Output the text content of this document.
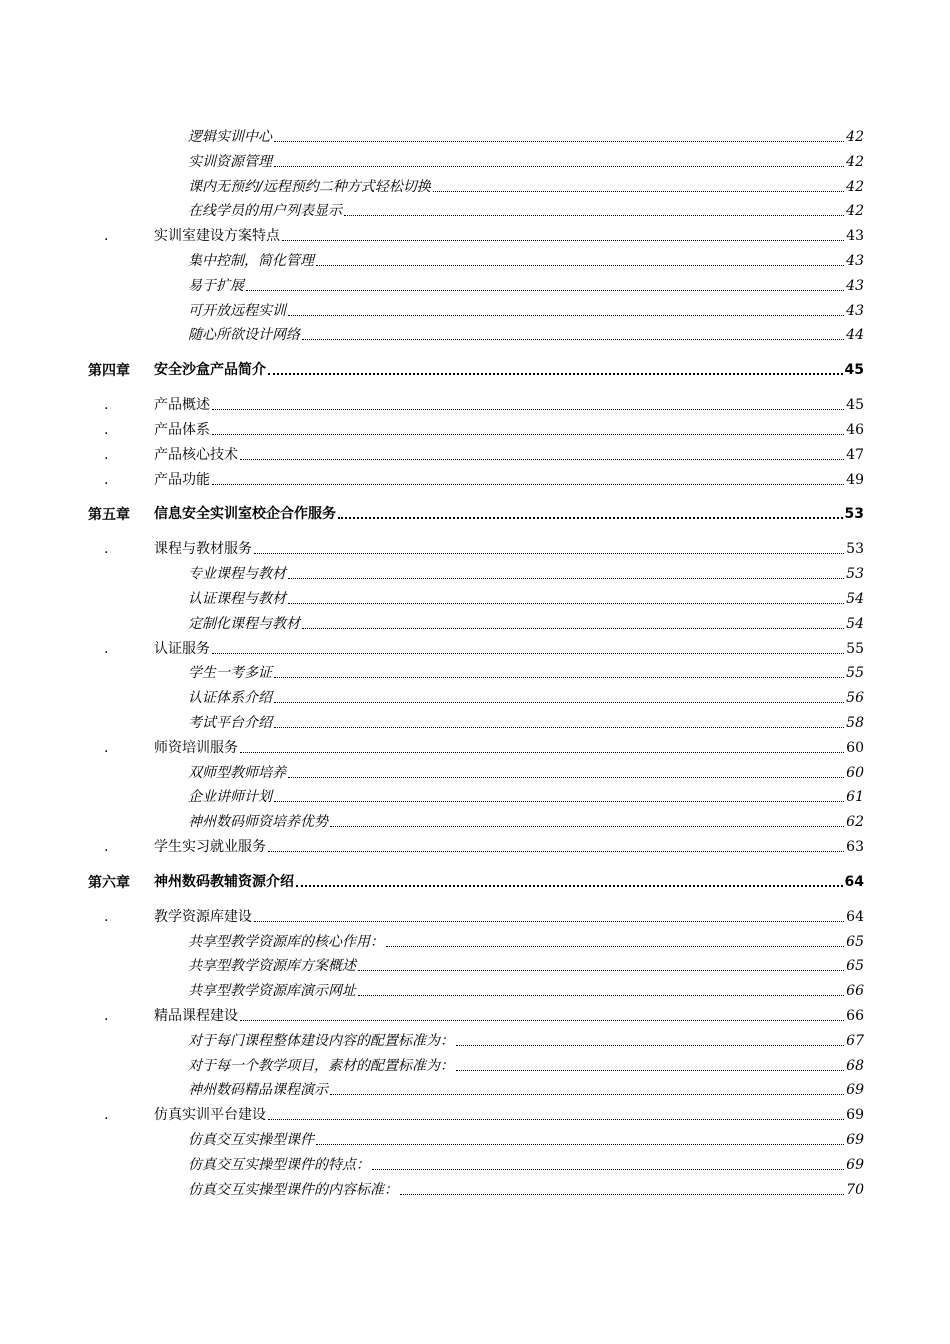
逻辑实训中心	42
实训资源管理	42
课内无预约/远程预约二种方式轻松切换	42
在线学员的用户列表显示	42
.	实训室建设方案特点	43
集中控制，简化管理	43
易于扩展	43
可开放远程实训	43
随心所欲设计网络	44
第四章 安全沙盒产品简介	45
.	产品概述	45
.	产品体系	46
.	产品核心技术	47
.	产品功能	49
第五章 信息安全实训室校企合作服务	53
.	课程与教材服务	53
专业课程与教材	53
认证课程与教材	54
定制化课程与教材	54
.	认证服务	55
学生一考多证	55
认证体系介绍	56
考试平台介绍	58
.	师资培训服务	60
双师型教师培养	60
企业讲师计划	61
神州数码师资培养优势	62
.	学生实习就业服务	63
第六章 神州数码教辅资源介绍	64
.	教学资源库建设	64
共享型教学资源库的核心作用：	65
共享型教学资源库方案概述	65
共享型教学资源库演示网址	66
.	精品课程建设	66
对于每门课程整体建设内容的配置标准为：	67
对于每一个教学项目，素材的配置标准为：	68
神州数码精品课程演示	69
.	仿真实训平台建设	69
仿真交互实操型课件	69
仿真交互实操型课件的特点：	69
仿真交互实操型课件的内容标准：	70
